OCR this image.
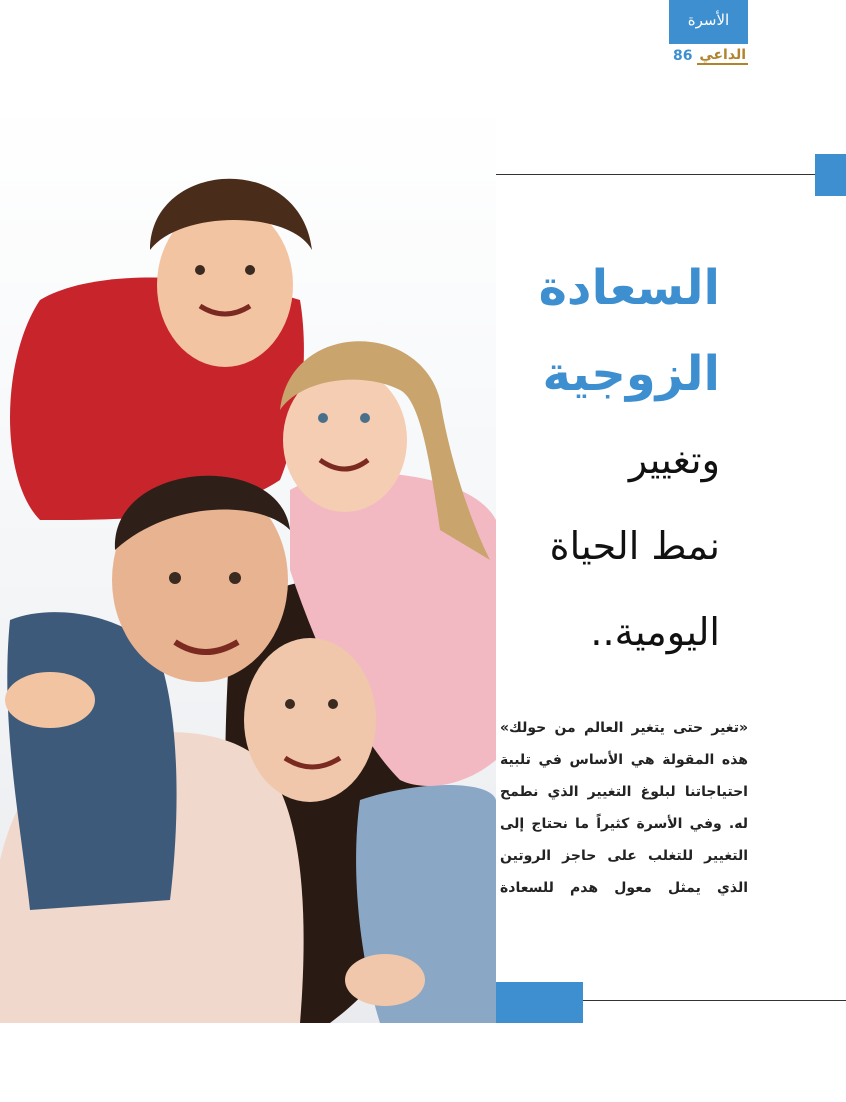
الأسرة
86 الداعي
السعادة
الزوجية
وتغيير
نمط الحياة
اليومية..
«تغير حتى يتغير العالم من حولك»
هذه المقولة هي الأساس في تلبية
احتياجاتنا لبلوغ التغيير الذي نطمح
له. وفي الأسرة كثيراً ما نحتاج إلى
التغيير للتغلب على حاجز الروتين
الذي يمثل معول هدم للسعادة
